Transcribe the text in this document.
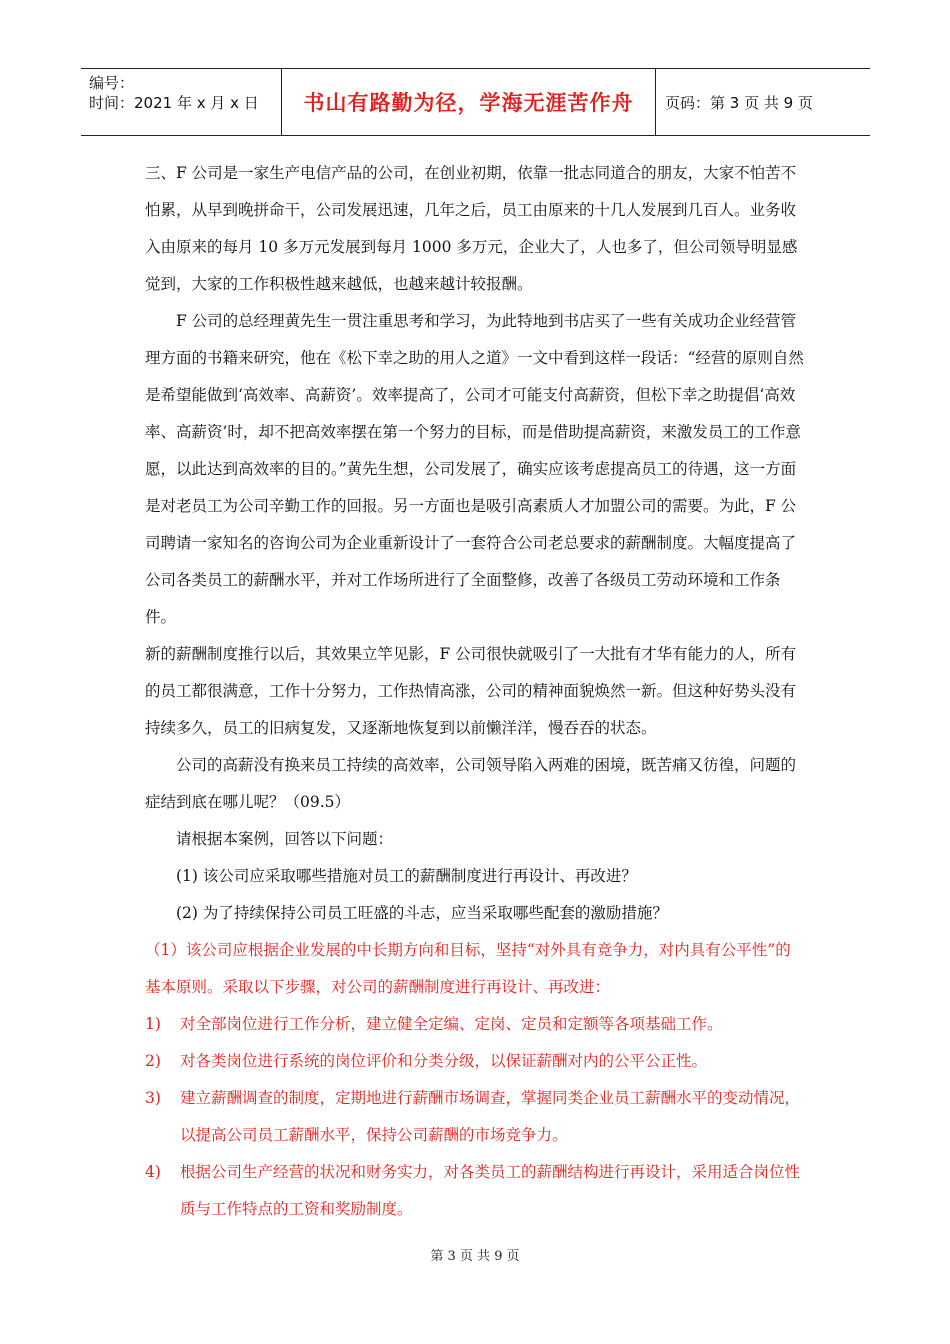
编号：
时间：2021 年 x 月 x 日	书山有路勤为径，学海无涯苦作舟 页码：第 3 页 共 9 页

三、F 公司是一家生产电信产品的公司，在创业初期，依靠一批志同道合的朋友，大家不怕苦不怕累，从早到晚拼命干，公司发展迅速，几年之后，员工由原来的十几人发展到几百人。业务收入由原来的每月 10 多万元发展到每月 1000 多万元，企业大了，人也多了，但公司领导明显感觉到，大家的工作积极性越来越低，也越来越计较报酬。

F 公司的总经理黄先生一贯注重思考和学习，为此特地到书店买了一些有关成功企业经营管理方面的书籍来研究，他在《松下幸之助的用人之道》一文中看到这样一段话：“经营的原则自然是希望能做到‘高效率、高薪资’。效率提高了，公司才可能支付高薪资，但松下幸之助提倡‘高效率、高薪资’时，却不把高效率摆在第一个努力的目标，而是借助提高薪资，来激发员工的工作意愿，以此达到高效率的目的。”黄先生想，公司发展了，确实应该考虑提高员工的待遇，这一方面是对老员工为公司辛勤工作的回报。另一方面也是吸引高素质人才加盟公司的需要。为此，F 公司聘请一家知名的咨询公司为企业重新设计了一套符合公司老总要求的薪酬制度。大幅度提高了公司各类员工的薪酬水平，并对工作场所进行了全面整修，改善了各级员工劳动环境和工作条件。

新的薪酬制度推行以后，其效果立竿见影，F 公司很快就吸引了一大批有才华有能力的人，所有的员工都很满意，工作十分努力，工作热情高涨，公司的精神面貌焕然一新。但这种好势头没有持续多久，员工的旧病复发，又逐渐地恢复到以前懒洋洋，慢吞吞的状态。

公司的高薪没有换来员工持续的高效率，公司领导陷入两难的困境，既苦痛又彷徨，问题的症结到底在哪儿呢？（09.5）

请根据本案例，回答以下问题：

(1) 该公司应采取哪些措施对员工的薪酬制度进行再设计、再改进？

(2) 为了持续保持公司员工旺盛的斗志，应当采取哪些配套的激励措施？

（1）该公司应根据企业发展的中长期方向和目标，坚持“对外具有竞争力，对内具有公平性”的基本原则。采取以下步骤，对公司的薪酬制度进行再设计、再改进：

1)	对全部岗位进行工作分析，建立健全定编、定岗、定员和定额等各项基础工作。
2)	对各类岗位进行系统的岗位评价和分类分级，以保证薪酬对内的公平公正性。
3)	建立薪酬调查的制度，定期地进行薪酬市场调查，掌握同类企业员工薪酬水平的变动情况，以提高公司员工薪酬水平，保持公司薪酬的市场竞争力。
4)	根据公司生产经营的状况和财务实力，对各类员工的薪酬结构进行再设计，采用适合岗位性质与工作特点的工资和奖励制度。
第 3 页 共 9 页
